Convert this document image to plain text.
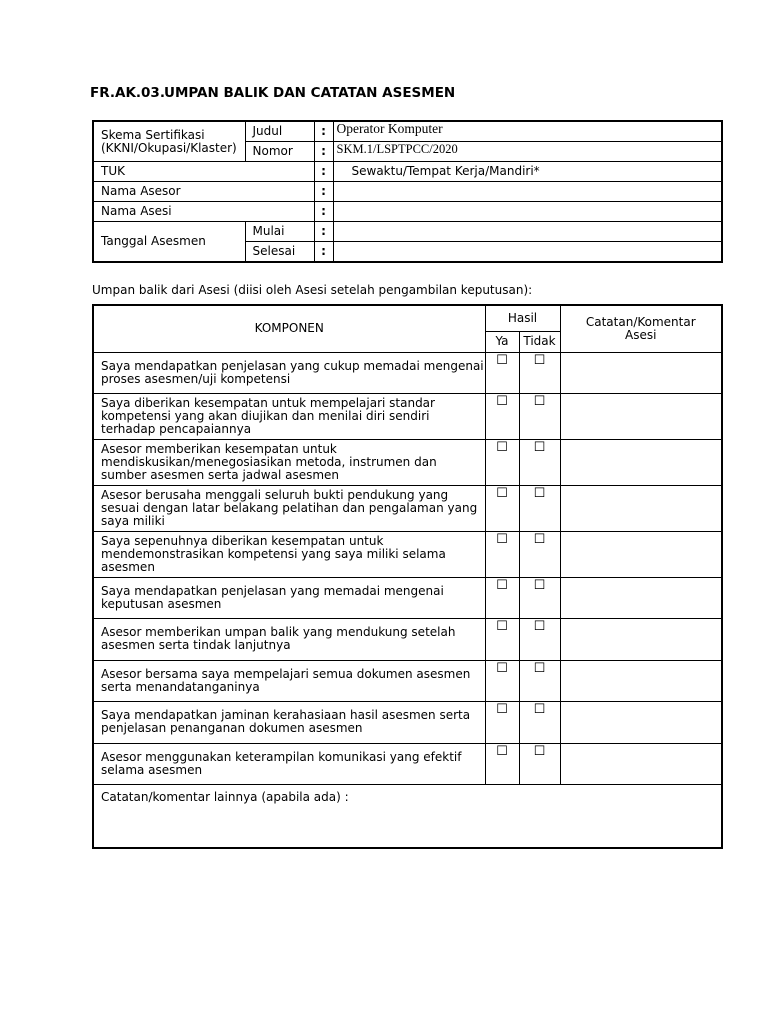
FR.AK.03.UMPAN BALIK DAN CATATAN ASESMEN
Skema Sertifikasi
(KKNI/Okupasi/Klaster)	Judul	:	Operator Komputer
	Nomor	:	SKM.1/LSPTPCC/2020
TUK		:	Sewaktu/Tempat Kerja/Mandiri*
Nama Asesor		:	
Nama Asesi		:	
Tanggal Asesmen	Mulai	:	
	Selesai	:	
Umpan balik dari Asesi (diisi oleh Asesi setelah pengambilan keputusan):
KOMPONEN	Hasil		Catatan/Komentar Asesi
	Ya	Tidak	
Saya mendapatkan penjelasan yang cukup memadai mengenai proses asesmen/uji kompetensi	☐	☐	
Saya diberikan kesempatan untuk mempelajari standar kompetensi yang akan diujikan dan menilai diri sendiri terhadap pencapaiannya	☐	☐	
Asesor memberikan kesempatan untuk mendiskusikan/menegosiasikan metoda, instrumen dan sumber asesmen serta jadwal asesmen	☐	☐	
Asesor berusaha menggali seluruh bukti pendukung yang sesuai dengan latar belakang pelatihan dan pengalaman yang saya miliki	☐	☐	
Saya sepenuhnya diberikan kesempatan untuk mendemonstrasikan kompetensi yang saya miliki selama asesmen	☐	☐	
Saya mendapatkan penjelasan yang memadai mengenai keputusan asesmen	☐	☐	
Asesor memberikan umpan balik yang mendukung setelah asesmen serta tindak lanjutnya	☐	☐	
Asesor bersama saya mempelajari semua dokumen asesmen serta menandatanganinya	☐	☐	
Saya mendapatkan jaminan kerahasiaan hasil asesmen serta penjelasan penanganan dokumen asesmen	☐	☐	
Asesor menggunakan keterampilan komunikasi yang efektif selama asesmen	☐	☐	
Catatan/komentar lainnya (apabila ada) :			
